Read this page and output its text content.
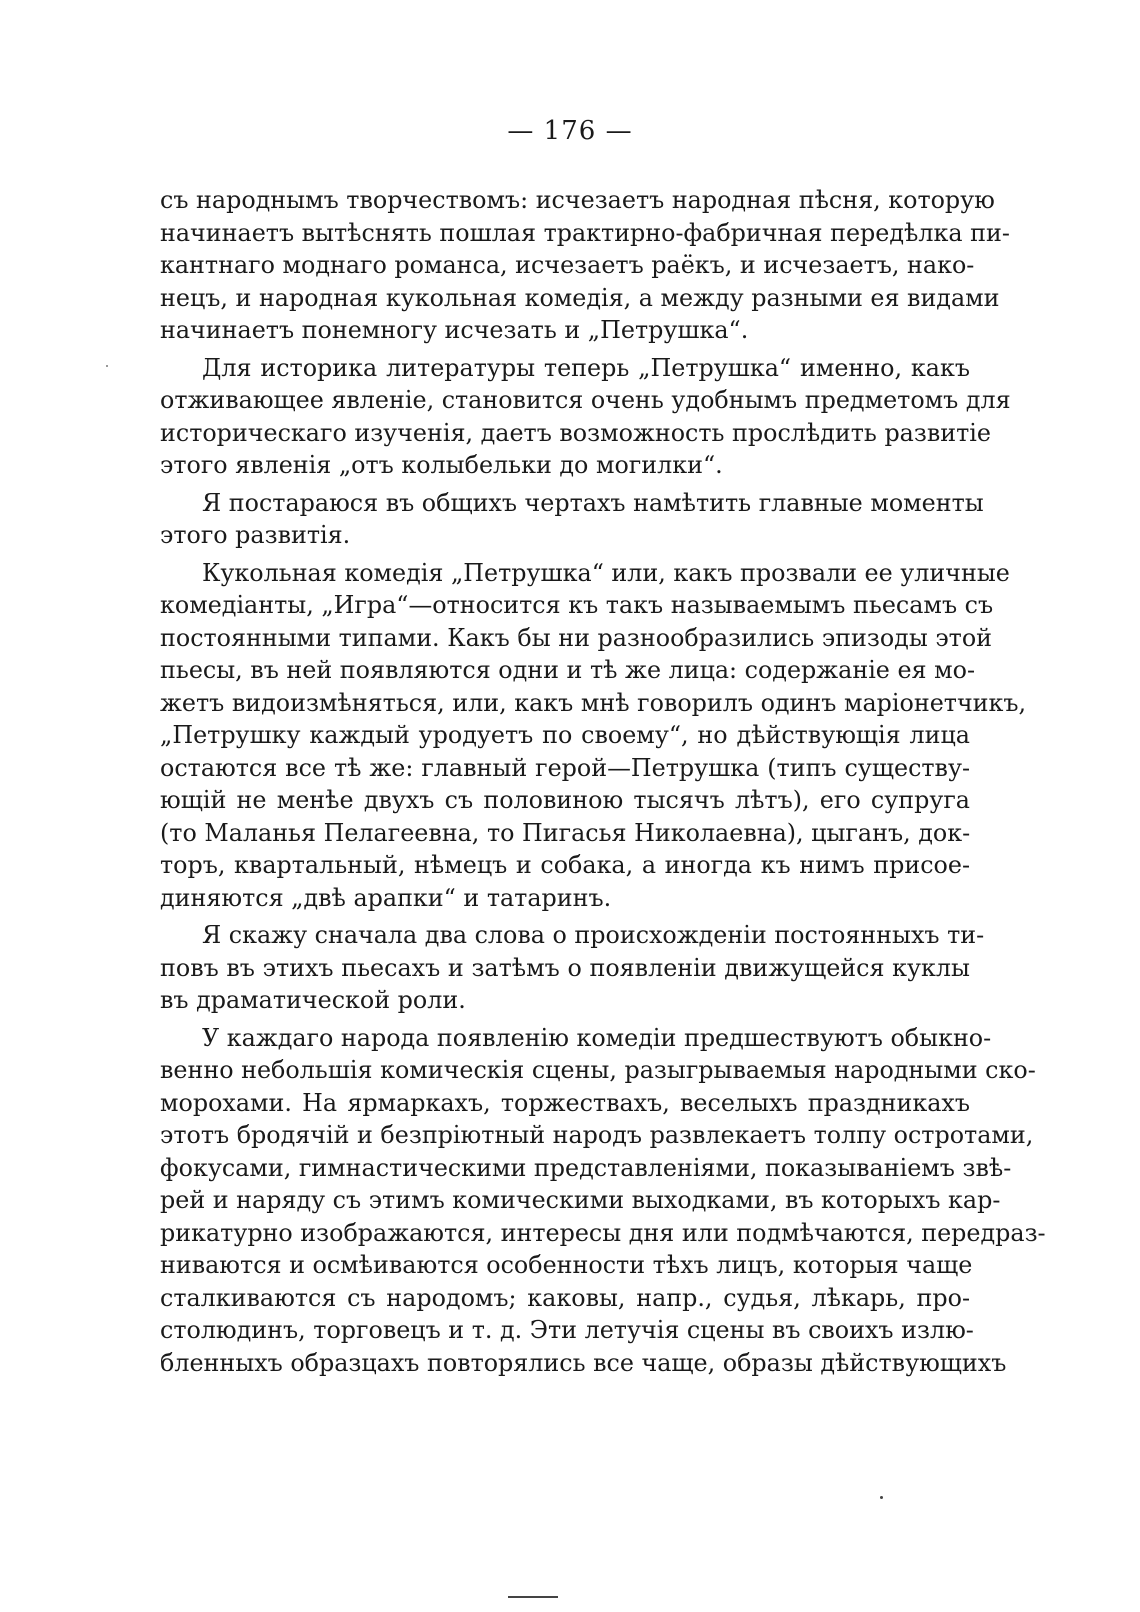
— 176 —
съ народнымъ творчествомъ: исчезаетъ народная пѣсня, которую
начинаетъ вытѣснять пошлая трактирно-фабричная передѣлка пи-
кантнаго моднаго романса, исчезаетъ раёкъ, и исчезаетъ, нако-
нецъ, и народная кукольная комедія, а между разными ея видами
начинаетъ понемногу исчезать и „Петрушка“.
Для историка литературы теперь „Петрушка“ именно, какъ
отживающее явленіе, становится очень удобнымъ предметомъ для
историческаго изученія, даетъ возможность прослѣдить развитіе
этого явленія „отъ колыбельки до могилки“.
Я постараюся въ общихъ чертахъ намѣтить главные моменты
этого развитія.
Кукольная комедія „Петрушка“ или, какъ прозвали ее уличные
комедіанты, „Игра“—относится къ такъ называемымъ пьесамъ съ
постоянными типами. Какъ бы ни разнообразились эпизоды этой
пьесы, въ ней появляются одни и тѣ же лица: содержаніе ея мо-
жетъ видоизмѣняться, или, какъ мнѣ говорилъ одинъ маріонетчикъ,
„Петрушку каждый уродуетъ по своему“, но дѣйствующія лица
остаются все тѣ же: главный герой—Петрушка (типъ существу-
ющій не менѣе двухъ съ половиною тысячъ лѣтъ), его супруга
(то Маланья Пелагеевна, то Пигасья Николаевна), цыганъ, док-
торъ, квартальный, нѣмецъ и собака, а иногда къ нимъ присое-
диняются „двѣ арапки“ и татаринъ.
Я скажу сначала два слова о происхожденіи постоянныхъ ти-
повъ въ этихъ пьесахъ и затѣмъ о появленіи движущейся куклы
въ драматической роли.
У каждаго народа появленію комедіи предшествуютъ обыкно-
венно небольшія комическія сцены, разыгрываемыя народными ско-
морохами. На ярмаркахъ, торжествахъ, веселыхъ праздникахъ
этотъ бродячій и безпріютный народъ развлекаетъ толпу остротами,
фокусами, гимнастическими представленіями, показываніемъ звѣ-
рей и наряду съ этимъ комическими выходками, въ которыхъ кар-
рикатурно изображаются, интересы дня или подмѣчаются, передраз-
ниваются и осмѣиваются особенности тѣхъ лицъ, которыя чаще
сталкиваются съ народомъ; каковы, напр., судья, лѣкарь, про-
столюдинъ, торговецъ и т. д. Эти летучія сцены въ своихъ излю-
бленныхъ образцахъ повторялись все чаще, образы дѣйствующихъ
